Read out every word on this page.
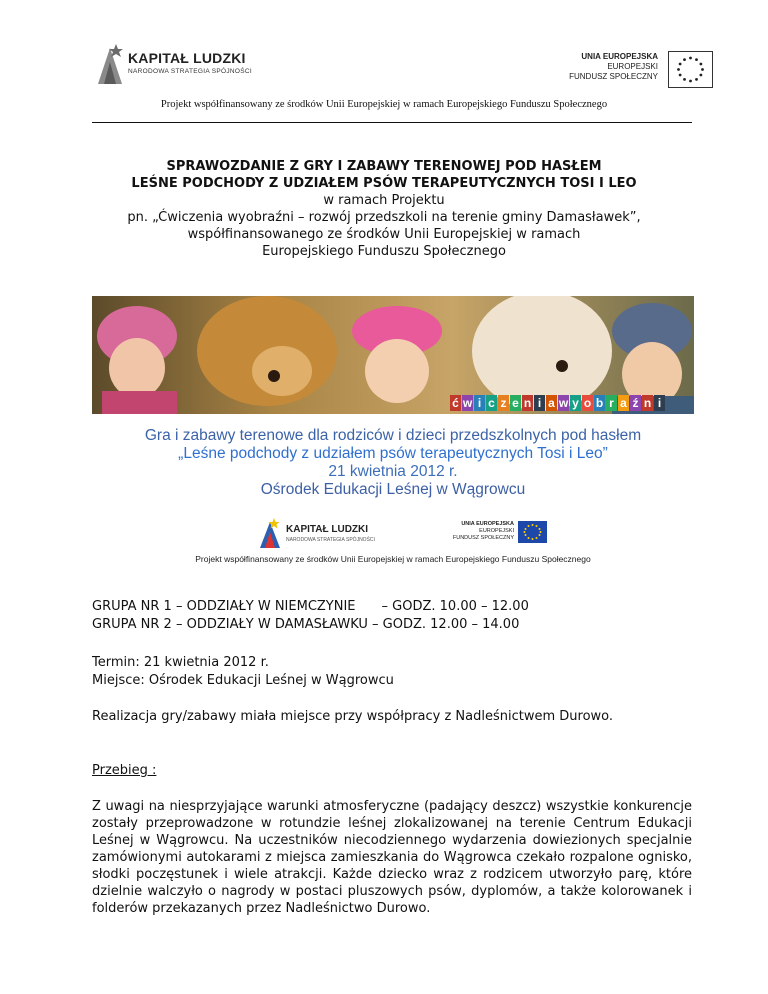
KAPITAŁ LUDZKI
NARODOWA STRATEGIA SPÓJNOŚCI
UNIA EUROPEJSKA
EUROPEJSKI
FUNDUSZ SPOŁECZNY
Projekt współfinansowany ze środków Unii Europejskiej w ramach Europejskiego Funduszu Społecznego
SPRAWOZDANIE Z GRY I ZABAWY TERENOWEJ POD HASŁEM
LEŚNE PODCHODY Z UDZIAŁEM PSÓW TERAPEUTYCZNYCH TOSI I LEO
w ramach Projektu
pn. „Ćwiczenia wyobraźni – rozwój przedszkoli na terenie gminy Damasławek”,
współfinansowanego ze środków Unii Europejskiej w ramach
Europejskiego Funduszu Społecznego
ć w i c z e n i a w y o b r a ź n i
Gra i zabawy terenowe dla rodziców i dzieci przedszkolnych pod hasłem
„Leśne podchody z udziałem psów terapeutycznych Tosi i Leo”
21 kwietnia 2012 r.
Ośrodek Edukacji Leśnej w Wągrowcu
KAPITAŁ LUDZKI
NARODOWA STRATEGIA SPÓJNOŚCI
UNIA EUROPEJSKA
EUROPEJSKI
FUNDUSZ SPOŁECZNY
Projekt współfinansowany ze środków Unii Europejskiej w ramach Europejskiego Funduszu Społecznego
GRUPA NR 1 – ODDZIAŁY W NIEMCZYNIE – GODZ. 10.00 – 12.00
GRUPA NR 2 – ODDZIAŁY W DAMASŁAWKU – GODZ. 12.00 – 14.00
Termin: 21 kwietnia 2012 r.
Miejsce: Ośrodek Edukacji Leśnej w Wągrowcu
Realizacja gry/zabawy miała miejsce przy współpracy z Nadleśnictwem Durowo.
Przebieg :
Z uwagi na niesprzyjające warunki atmosferyczne (padający deszcz) wszystkie konkurencje zostały przeprowadzone w rotundzie leśnej zlokalizowanej na terenie Centrum Edukacji Leśnej w Wągrowcu. Na uczestników niecodziennego wydarzenia dowiezionych specjalnie zamówionymi autokarami z miejsca zamieszkania do Wągrowca czekało rozpalone ognisko, słodki poczęstunek i wiele atrakcji. Każde dziecko wraz z rodzicem utworzyło parę, które dzielnie walczyło o nagrody w postaci pluszowych psów, dyplomów, a także kolorowanek i folderów przekazanych przez Nadleśnictwo Durowo.
